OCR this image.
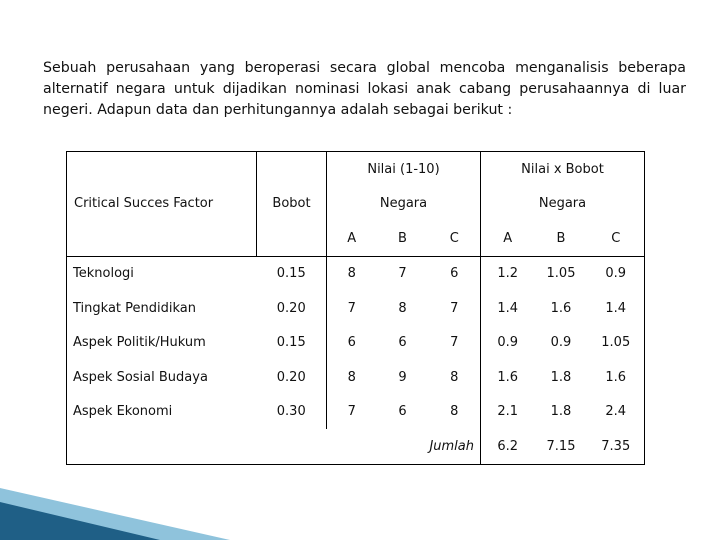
Sebuah perusahaan yang beroperasi secara global mencoba menganalisis beberapa alternatif negara untuk dijadikan nominasi lokasi anak cabang perusahaannya di luar negeri. Adapun data dan perhitungannya adalah sebagai berikut :

Critical Succes Factor	Bobot	Nilai (1-10)			Nilai x Bobot		
		Negara			Negara		
		A	B	C	A	B	C
Teknologi	0.15	8	7	6	1.2	1.05	0.9
Tingkat Pendidikan	0.20	7	8	7	1.4	1.6	1.4
Aspek Politik/Hukum	0.15	6	6	7	0.9	0.9	1.05
Aspek Sosial Budaya	0.20	8	9	8	1.6	1.8	1.6
Aspek Ekonomi	0.30	7	6	8	2.1	1.8	2.4
				Jumlah	6.2	7.15	7.35
